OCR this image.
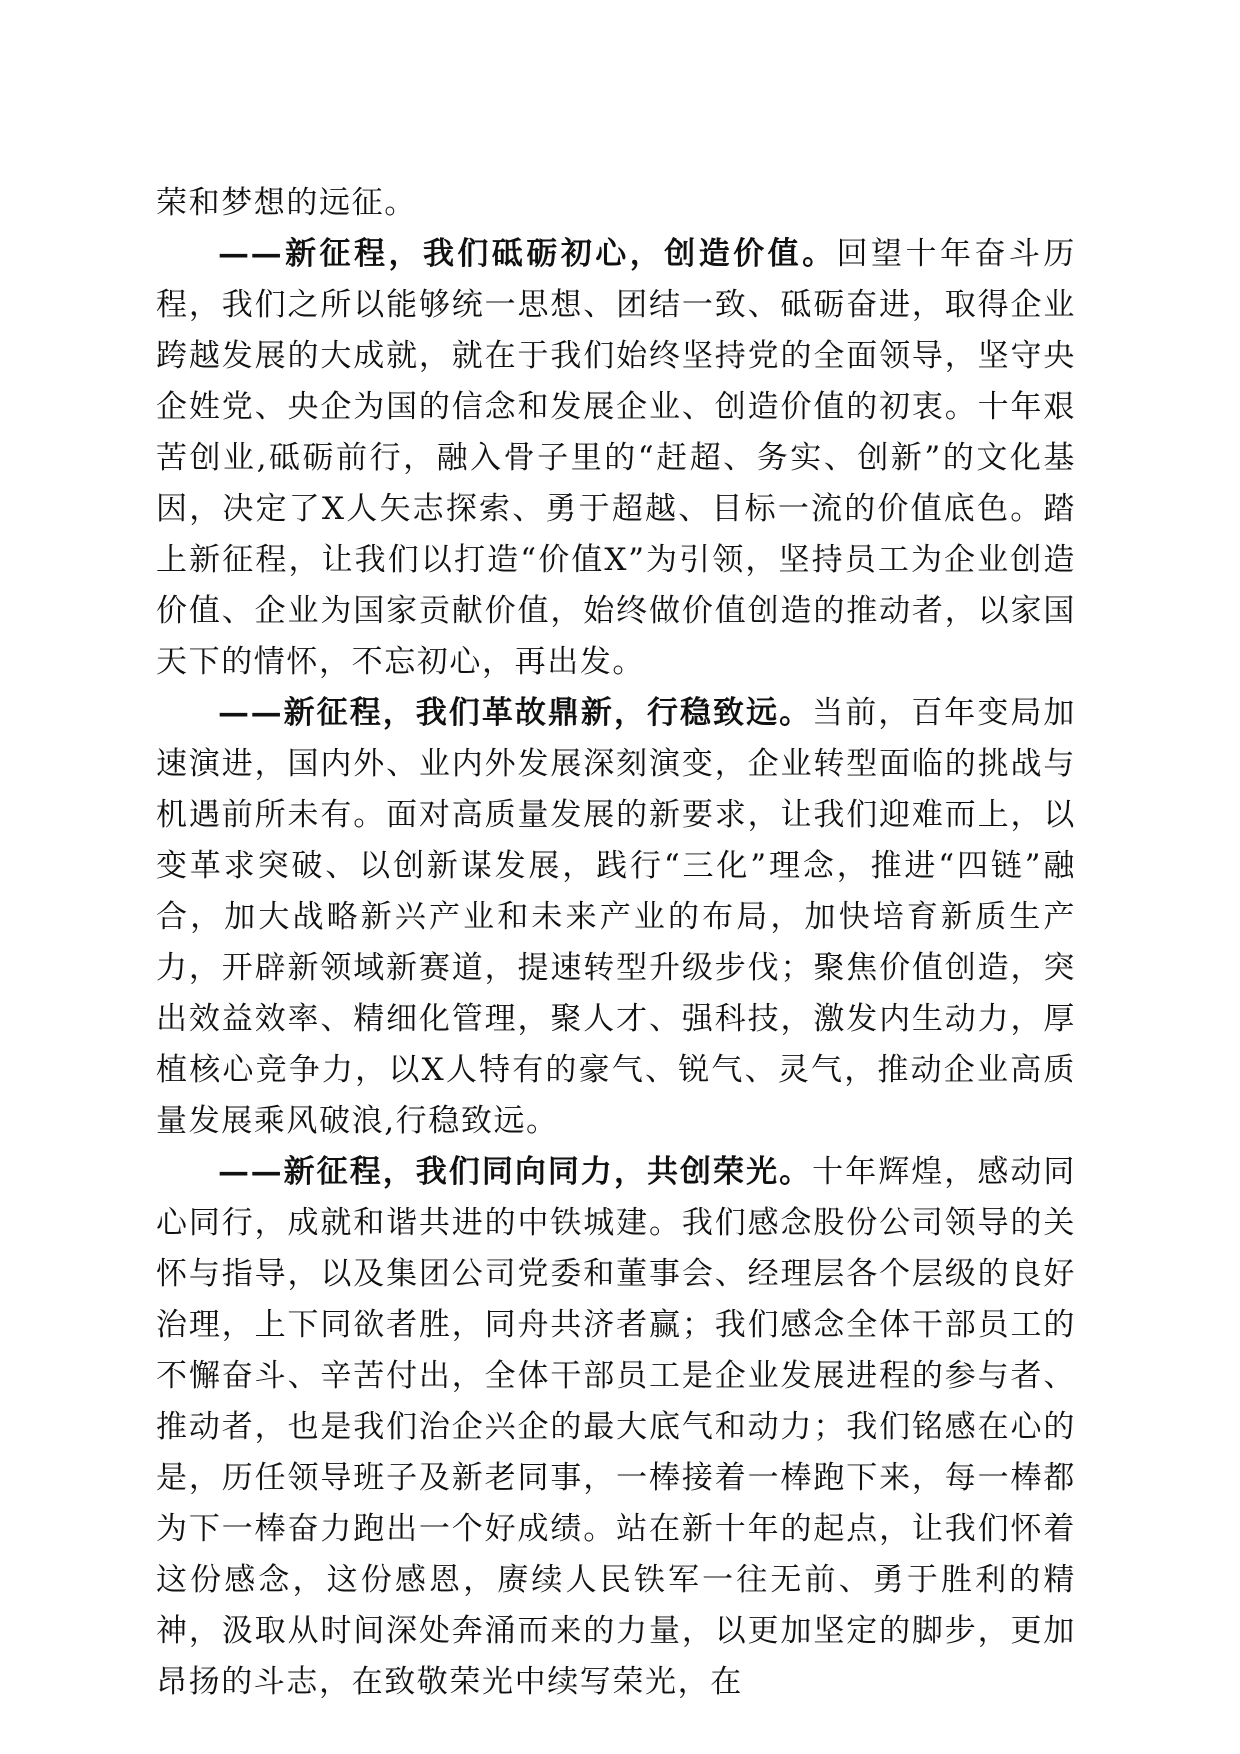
荣和梦想的远征。

——新征程，我们砥砺初心，创造价值。回望十年奋斗历程，我们之所以能够统一思想、团结一致、砥砺奋进，取得企业跨越发展的大成就，就在于我们始终坚持党的全面领导，坚守央企姓党、央企为国的信念和发展企业、创造价值的初衷。十年艰苦创业,砥砺前行，融入骨子里的“赶超、务实、创新”的文化基因，决定了X人矢志探索、勇于超越、目标一流的价值底色。踏上新征程，让我们以打造“价值X”为引领，坚持员工为企业创造价值、企业为国家贡献价值，始终做价值创造的推动者，以家国天下的情怀，不忘初心，再出发。

——新征程，我们革故鼎新，行稳致远。当前，百年变局加速演进，国内外、业内外发展深刻演变，企业转型面临的挑战与机遇前所未有。面对高质量发展的新要求，让我们迎难而上，以变革求突破、以创新谋发展，践行“三化”理念，推进“四链”融合，加大战略新兴产业和未来产业的布局，加快培育新质生产力，开辟新领域新赛道，提速转型升级步伐；聚焦价值创造，突出效益效率、精细化管理，聚人才、强科技，激发内生动力，厚植核心竞争力，以X人特有的豪气、锐气、灵气，推动企业高质量发展乘风破浪,行稳致远。

——新征程，我们同向同力，共创荣光。十年辉煌，感动同心同行，成就和谐共进的中铁城建。我们感念股份公司领导的关怀与指导，以及集团公司党委和董事会、经理层各个层级的良好治理，上下同欲者胜，同舟共济者赢；我们感念全体干部员工的不懈奋斗、辛苦付出，全体干部员工是企业发展进程的参与者、推动者，也是我们治企兴企的最大底气和动力；我们铭感在心的是，历任领导班子及新老同事，一棒接着一棒跑下来，每一棒都为下一棒奋力跑出一个好成绩。站在新十年的起点，让我们怀着这份感念，这份感恩，赓续人民铁军一往无前、勇于胜利的精神，汲取从时间深处奔涌而来的力量，以更加坚定的脚步，更加昂扬的斗志，在致敬荣光中续写荣光，在
